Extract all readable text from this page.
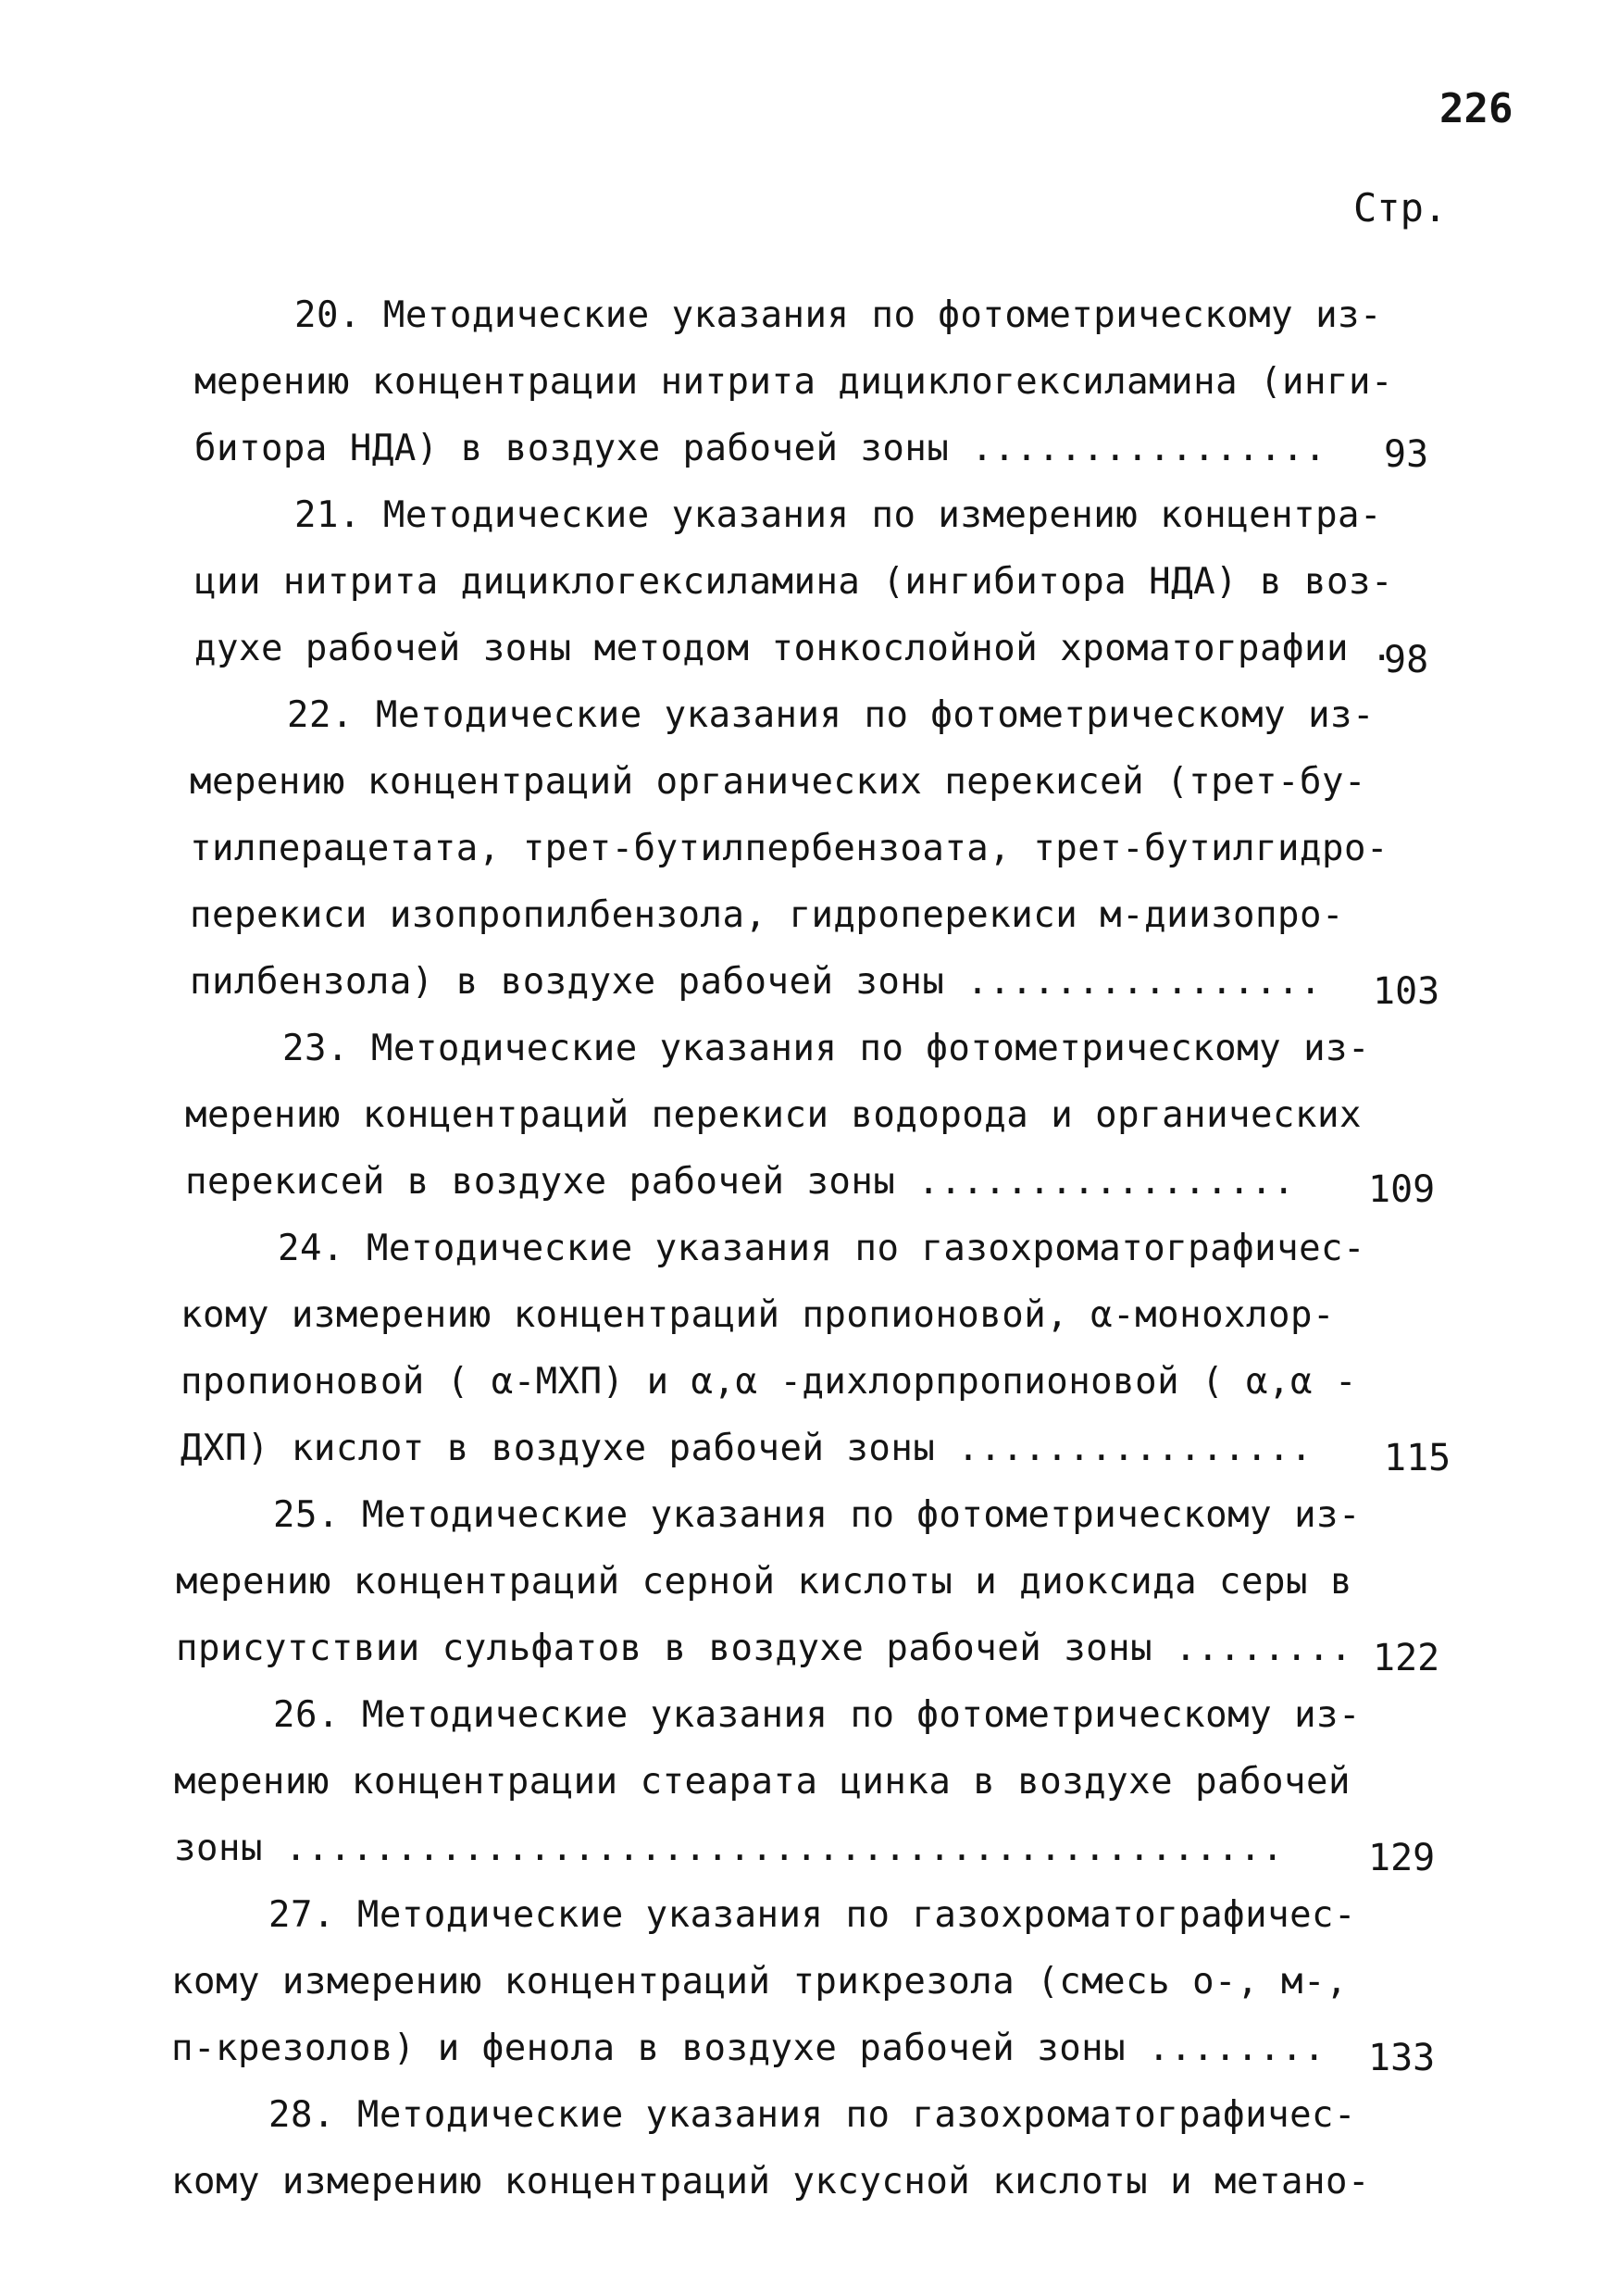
226
Стр.
20. Методические указания по фотометрическому из-
мерению концентрации нитрита дициклогексиламина (инги-
битора НДА) в воздухе рабочей зоны ................ 93
21. Методические указания по измерению концентра-
ции нитрита дициклогексиламина (ингибитора НДА) в воз-
духе рабочей зоны методом тонкослойной хроматографии .
98
22. Методические указания по фотометрическому из-
мерению концентраций органических перекисей (трет-бу-
тилперацетата, трет-бутилпербензоата, трет-бутилгидро-
перекиси изопропилбензола, гидроперекиси м-диизопро-
пилбензола) в воздухе рабочей зоны ................ 103
23. Методические указания по фотометрическому из-
мерению концентраций перекиси водорода и органических
перекисей в воздухе рабочей зоны ................. 109
24. Методические указания по газохроматографичес-
кому измерению концентраций пропионовой, α-монохлор-
пропионовой ( α-МХП) и α,α -дихлорпропионовой ( α,α -
ДХП) кислот в воздухе рабочей зоны ................ 115
25. Методические указания по фотометрическому из-
мерению концентраций серной кислоты и диоксида серы в
присутствии сульфатов в воздухе рабочей зоны ........ 122
26. Методические указания по фотометрическому из-
мерению концентрации стеарата цинка в воздухе рабочей
зоны ............................................. 129
27. Методические указания по газохроматографичес-
кому измерению концентраций трикрезола (смесь о-, м-,
п-крезолов) и фенола в воздухе рабочей зоны ........ 133
28. Методические указания по газохроматографичес-
кому измерению концентраций уксусной кислоты и метано-
